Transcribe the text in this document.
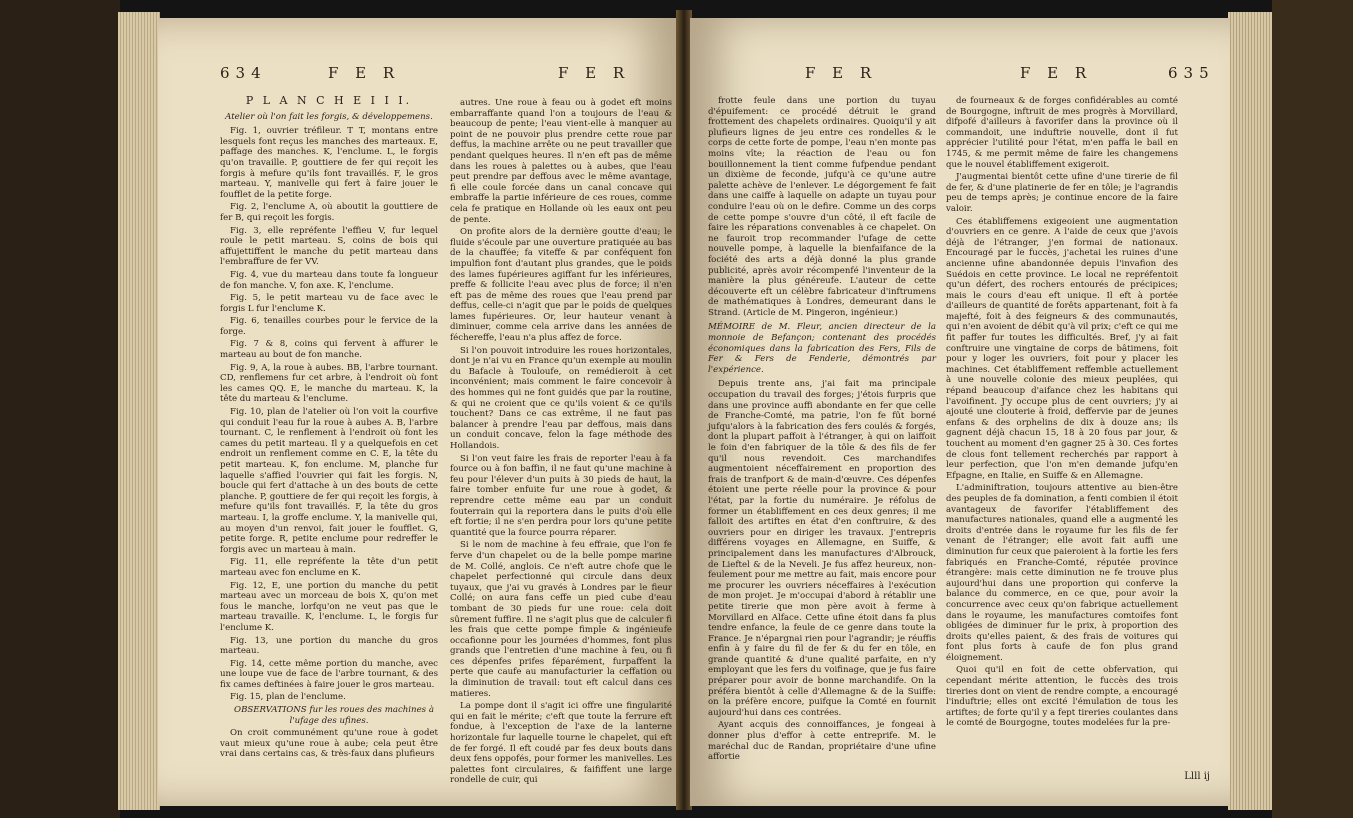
634	F E R	F E R
P L A N C H E I I I.
Atelier où l'on fait les forgis, & développemens.

Fig. 1, ouvrier tréfileur. T T, montans entre lesquels font reçus les manches des marteaux. E, paffage des manches. K, l'enclume. L, le forgis qu'on travaille. P, gouttiere de fer qui reçoit les forgis à mefure qu'ils font travaillés. F, le gros marteau. Y, manivelle qui fert à faire jouer le foufflet de la petite forge.

Fig. 2, l'enclume A, où aboutit la gouttiere de fer B, qui reçoit les forgis.

Fig. 3, elle repréfente l'effieu V, fur lequel roule le petit marteau. S, coins de bois qui affujettiffent le manche du petit marteau dans l'embraffure de fer VV.

Fig. 4, vue du marteau dans toute fa longueur de fon manche. V, fon axe. K, l'enclume.

Fig. 5, le petit marteau vu de face avec le forgis L fur l'enclume K.

Fig. 6, tenailles courbes pour le fervice de la forge.

Fig. 7 & 8, coins qui fervent à affurer le marteau au bout de fon manche.

Fig. 9, A, la roue à aubes. BB, l'arbre tournant. CD, renflemens fur cet arbre, à l'endroit où font les cames QQ. E, le manche du marteau. K, la tête du marteau & l'enclume.

Fig. 10, plan de l'atelier où l'on voit la courfive qui conduit l'eau fur la roue à aubes A. B, l'arbre tournant. C, le renflement à l'endroit où font les cames du petit marteau. Il y a quelquefois en cet endroit un renflement comme en C. E, la tête du petit marteau. K, fon enclume. M, planche fur laquelle s'affied l'ouvrier qui fait les forgis. N, boucle qui fert d'attache à un des bouts de cette planche. P, gouttiere de fer qui reçoit les forgis, à mefure qu'ils font travaillés. F, la tête du gros marteau. I, la groffe enclume. Y, la manivelle qui, au moyen d'un renvoi, fait jouer le foufflet. G, petite forge. R, petite enclume pour redreffer le forgis avec un marteau à main.

Fig. 11, elle repréfente la tête d'un petit marteau avec fon enclume en K.

Fig. 12, E, une portion du manche du petit marteau avec un morceau de bois X, qu'on met fous le manche, lorfqu'on ne veut pas que le marteau travaille. K, l'enclume. L, le forgis fur l'enclume K.

Fig. 13, une portion du manche du gros marteau.

Fig. 14, cette même portion du manche, avec une loupe vue de face de l'arbre tournant, & des fix cames deftinées à faire jouer le gros marteau.

Fig. 15, plan de l'enclume.

OBSERVATIONS fur les roues des machines à l'ufage des ufines.

On croit communément qu'une roue à godet vaut mieux qu'une roue à aube; cela peut être vrai dans certains cas, & très-faux dans plufieurs

autres. Une roue à feau ou à godet eft moins embarraffante quand l'on a toujours de l'eau & beaucoup de pente; l'eau vient-elle à manquer au point de ne pouvoir plus prendre cette roue par deffus, la machine arrête ou ne peut travailler que pendant quelques heures. Il n'en eft pas de même dans les roues à palettes ou à aubes, que l'eau peut prendre par deffous avec le même avantage, fi elle coule forcée dans un canal concave qui embraffe la partie inférieure de ces roues, comme cela fe pratique en Hollande où les eaux ont peu de pente.

On profite alors de la dernière goutte d'eau; le fluide s'écoule par une ouverture pratiquée au bas de la chauffée; fa viteffe & par conféquent fon impulfion font d'autant plus grandes, que le poids des lames fupérieures agiffant fur les inférieures, preffe & follicite l'eau avec plus de force; il n'en eft pas de même des roues que l'eau prend par deffus, celle-ci n'agit que par le poids de quelques lames fupérieures. Or, leur hauteur venant à diminuer, comme cela arrive dans les années de féchereffe, l'eau n'a plus affez de force.

Si l'on pouvoit introduire les roues horizontales, dont je n'ai vu en France qu'un exemple au moulin du Bafacle à Touloufe, on remédieroit à cet inconvénient; mais comment le faire concevoir à des hommes qui ne font guidés que par la routine, & qui ne croient que ce qu'ils voient & ce qu'ils touchent? Dans ce cas extrême, il ne faut pas balancer à prendre l'eau par deffous, mais dans un conduit concave, felon la fage méthode des Hollandois.

Si l'on veut faire les frais de reporter l'eau à fa fource ou à fon baffin, il ne faut qu'une machine à feu pour l'élever d'un puits à 30 pieds de haut, la faire tomber enfuite fur une roue à godet, & reprendre cette même eau par un conduit fouterrain qui la reportera dans le puits d'où elle eft fortie; il ne s'en perdra pour lors qu'une petite quantité que la fource pourra réparer.

Si le nom de machine à feu effraie, que l'on fe ferve d'un chapelet ou de la belle pompe marine de M. Collé, anglois. Ce n'eft autre chofe que le chapelet perfectionné qui circule dans deux tuyaux, que j'ai vu gravés à Londres par le fieur Collé; on aura fans ceffe un pied cube d'eau tombant de 30 pieds fur une roue: cela doit sûrement fuffire. Il ne s'agit plus que de calculer fi les frais que cette pompe fimple & ingénieufe occafionne pour les journées d'hommes, font plus grands que l'entretien d'une machine à feu, ou fi ces dépenfes prifes féparément, furpaffent la perte que caufe au manufacturier la ceffation ou la diminution de travail: tout eft calcul dans ces matieres.

La pompe dont il s'agit ici offre une fingularité qui en fait le mérite; c'eft que toute la ferrure eft fondue, à l'exception de l'axe de la lanterne horizontale fur laquelle tourne le chapelet, qui eft de fer forgé. Il eft coudé par fes deux bouts dans deux fens oppofés, pour former les manivelles. Les palettes font circulaires, & faififfent une large rondelle de cuir, qui

F E R	F E R	635

frotte feule dans une portion du tuyau d'épuifement: ce procédé détruit le grand frottement des chapelets ordinaires. Quoiqu'il y ait plufieurs lignes de jeu entre ces rondelles & le corps de cette forte de pompe, l'eau n'en monte pas moins vîte; la réaction de l'eau ou fon bouillonnement la tient comme fufpendue pendant un dixième de feconde, jufqu'à ce qu'une autre palette achève de l'enlever. Le dégorgement fe fait dans une caiffe à laquelle on adapte un tuyau pour conduire l'eau où on le defire. Comme un des corps de cette pompe s'ouvre d'un côté, il eft facile de faire les réparations convenables à ce chapelet. On ne fauroit trop recommander l'ufage de cette nouvelle pompe, à laquelle la bienfaifance de la fociété des arts a déjà donné la plus grande publicité, après avoir récompenfé l'inventeur de la manière la plus généreufe. L'auteur de cette découverte eft un célèbre fabricateur d'inftrumens de mathématiques à Londres, demeurant dans le Strand. (Article de M. Pingeron, ingénieur.)

MÉMOIRE de M. Fleur, ancien directeur de la monnoie de Befançon; contenant des procédés économiques dans la fabrication des Fers, Fils de Fer & Fers de Fenderie, démontrés par l'expérience.

Depuis trente ans, j'ai fait ma principale occupation du travail des forges; j'étois furpris que dans une province auffi abondante en fer que celle de Franche-Comté, ma patrie, l'on fe fût borné jufqu'alors à la fabrication des fers coulés & forgés, dont la plupart paffoit à l'étranger, à qui on laiffoit le foin d'en fabriquer de la tôle & des fils de fer qu'il nous revendoit. Ces marchandifes augmentoient néceffairement en proportion des frais de tranfport & de main-d'œuvre. Ces dépenfes étoient une perte réelle pour la province & pour l'état, par la fortie du numéraire. Je réfolus de former un établiffement en ces deux genres; il me falloit des artiftes en état d'en conftruire, & des ouvriers pour en diriger les travaux. J'entrepris différens voyages en Allemagne, en Suiffe, & principalement dans les manufactures d'Albrouck, de Lieftel & de la Neveli. Je fus affez heureux, non-feulement pour me mettre au fait, mais encore pour me procurer les ouvriers néceffaires à l'exécution de mon projet. Je m'occupai d'abord à rétablir une petite tirerie que mon père avoit à ferme à Morvillard en Alface. Cette ufine étoit dans fa plus tendre enfance, la feule de ce genre dans toute la France. Je n'épargnai rien pour l'agrandir; je réuffis enfin à y faire du fil de fer & du fer en tôle, en grande quantité & d'une qualité parfaite, en n'y employant que les fers du voifinage, que je fus faire préparer pour avoir de bonne marchandife. On la préféra bientôt à celle d'Allemagne & de la Suiffe: on la préfère encore, puifque la Comté en fournit aujourd'hui dans ces contrées.

Ayant acquis des connoiffances, je fongeai à donner plus d'effor à cette entreprife. M. le maréchal duc de Randan, propriétaire d'une ufine affortie

de fourneaux & de forges confidérables au comté de Bourgogne, inftruit de mes progrès à Morvillard, difpofé d'ailleurs à favorifer dans la province où il commandoit, une induftrie nouvelle, dont il fut apprécier l'utilité pour l'état, m'en paffa le bail en 1745, & me permit même de faire les changemens que le nouvel établiffement exigeroit.

J'augmentai bientôt cette ufine d'une tirerie de fil de fer, & d'une platinerie de fer en tôle; je l'agrandis peu de temps après; je continue encore de la faire valoir.

Ces établiffemens exigeoient une augmentation d'ouvriers en ce genre. A l'aide de ceux que j'avois déjà de l'étranger, j'en formai de nationaux. Encouragé par le fuccès, j'achetai les ruines d'une ancienne ufine abandonnée depuis l'invafion des Suédois en cette province. Le local ne repréfentoit qu'un défert, des rochers entourés de précipices; mais le cours d'eau eft unique. Il eft à portée d'ailleurs de quantité de forêts appartenant, foit à fa majefté, foit à des feigneurs & des communautés, qui n'en avoient de débit qu'à vil prix; c'eft ce qui me fit paffer fur toutes les difficultés. Bref, j'y ai fait conftruire une vingtaine de corps de bâtimens, foit pour y loger les ouvriers, foit pour y placer les machines. Cet établiffement reffemble actuellement à une nouvelle colonie des mieux peuplées, qui répand beaucoup d'aifance chez les habitans qui l'avoifinent. J'y occupe plus de cent ouvriers; j'y ai ajouté une clouterie à froid, deffervie par de jeunes enfans & des orphelins de dix à douze ans; ils gagnent déjà chacun 15, 18 à 20 fous par jour, & touchent au moment d'en gagner 25 à 30. Ces fortes de clous font tellement recherchés par rapport à leur perfection, que l'on m'en demande jufqu'en Efpagne, en Italie, en Suiffe & en Allemagne.

L'adminiftration, toujours attentive au bien-être des peuples de fa domination, a fenti combien il étoit avantageux de favorifer l'établiffement des manufactures nationales, quand elle a augmenté les droits d'entrée dans le royaume fur les fils de fer venant de l'étranger; elle avoit fait auffi une diminution fur ceux que paieroient à la fortie les fers fabriqués en Franche-Comté, réputée province étrangère: mais cette diminution ne fe trouve plus aujourd'hui dans une proportion qui conferve la balance du commerce, en ce que, pour avoir la concurrence avec ceux qu'on fabrique actuellement dans le royaume, les manufactures comtoifes font obligées de diminuer fur le prix, à proportion des droits qu'elles paient, & des frais de voitures qui font plus forts à caufe de fon plus grand éloignement.

Quoi qu'il en foit de cette obfervation, qui cependant mérite attention, le fuccès des trois tireries dont on vient de rendre compte, a encouragé l'induftrie; elles ont excité l'émulation de tous les artiftes; de forte qu'il y a fept tireries coulantes dans le comté de Bourgogne, toutes modelées fur la pre-

Llll ij
